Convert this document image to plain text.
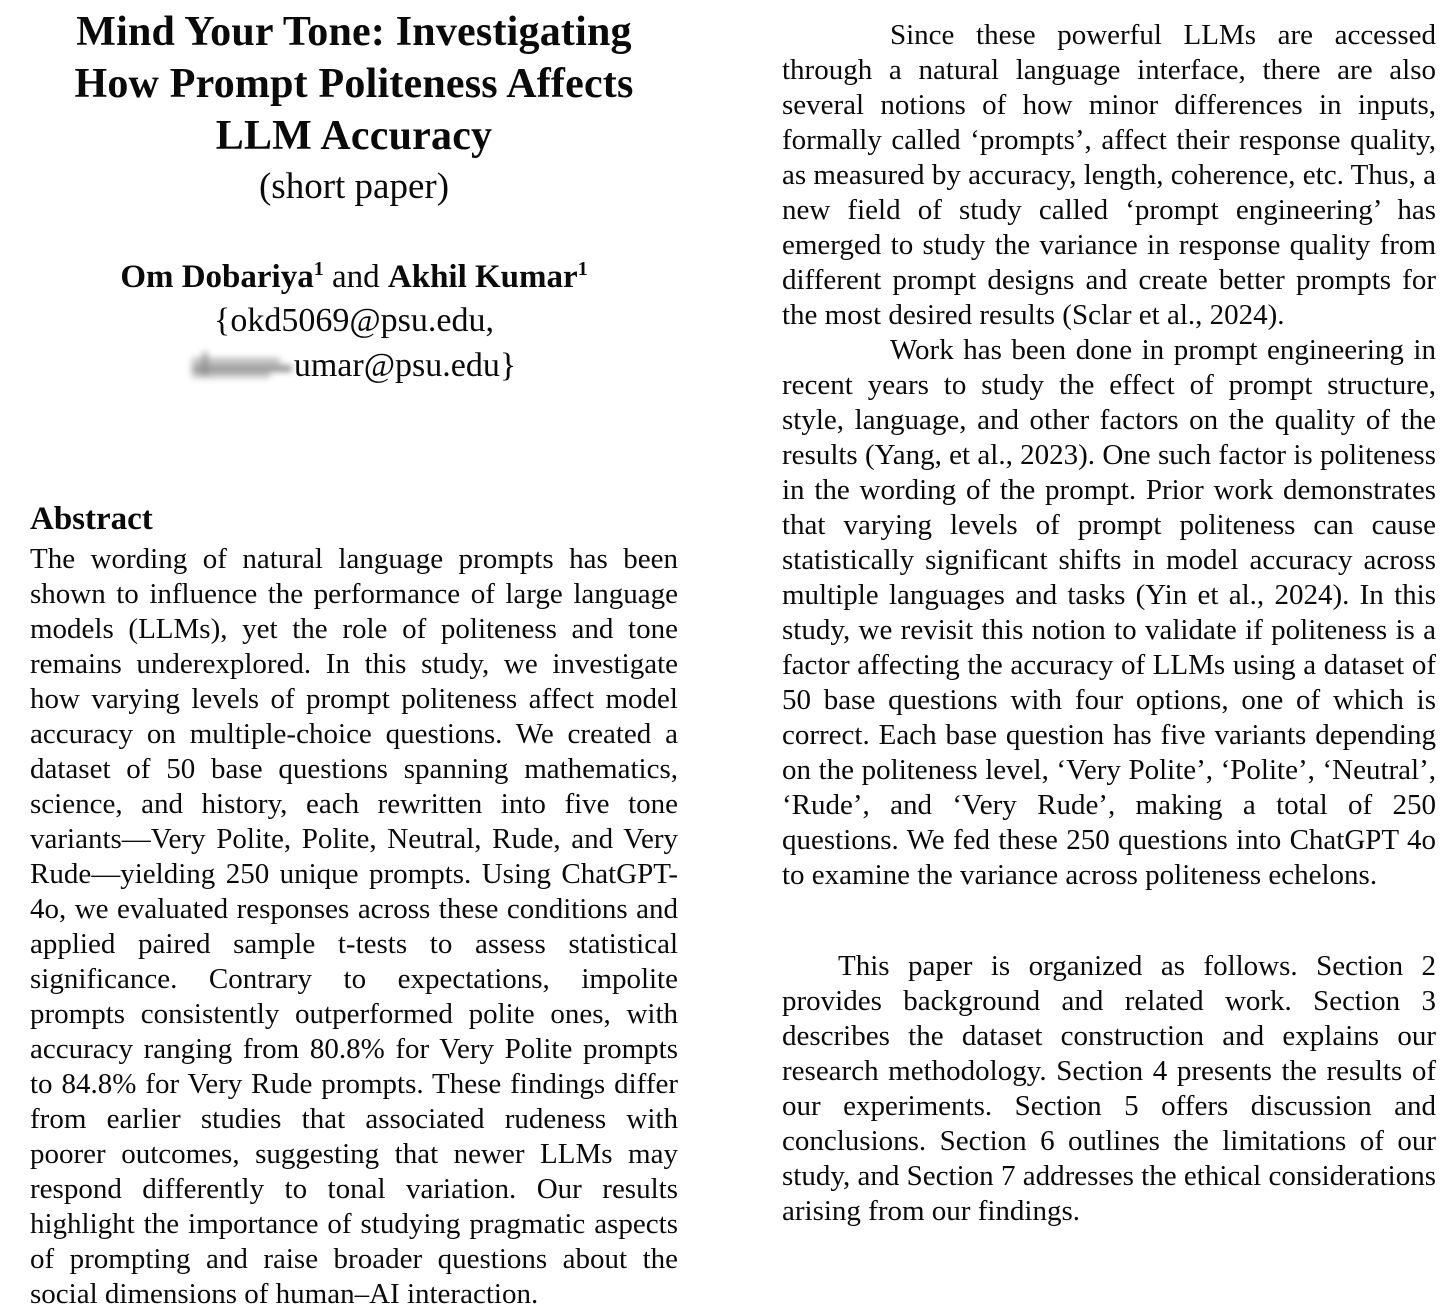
Mind Your Tone: Investigating
How Prompt Politeness Affects
LLM Accuracy
(short paper)
Om Dobariya$^1$ and Akhil Kumar$^1$
{okd5069@psu.edu,
umar@psu.edu}
Abstract

The wording of natural language prompts has been shown to influence the performance of large language models (LLMs), yet the role of politeness and tone remains underexplored. In this study, we investigate how varying levels of prompt politeness affect model accuracy on multiple-choice questions. We created a dataset of 50 base questions spanning mathematics, science, and history, each rewritten into five tone variants—Very Polite, Polite, Neutral, Rude, and Very Rude—yielding 250 unique prompts. Using ChatGPT-4o, we evaluated responses across these conditions and applied paired sample t-tests to assess statistical significance. Contrary to expectations, impolite prompts consistently outperformed polite ones, with accuracy ranging from 80.8% for Very Polite prompts to 84.8% for Very Rude prompts. These findings differ from earlier studies that associated rudeness with poorer outcomes, suggesting that newer LLMs may respond differently to tonal variation. Our results highlight the importance of studying pragmatic aspects of prompting and raise broader questions about the social dimensions of human–AI interaction.

Since these powerful LLMs are accessed through a natural language interface, there are also several notions of how minor differences in inputs, formally called ‘prompts’, affect their response quality, as measured by accuracy, length, coherence, etc. Thus, a new field of study called ‘prompt engineering’ has emerged to study the variance in response quality from different prompt designs and create better prompts for the most desired results (Sclar et al., 2024).

Work has been done in prompt engineering in recent years to study the effect of prompt structure, style, language, and other factors on the quality of the results (Yang, et al., 2023). One such factor is politeness in the wording of the prompt. Prior work demonstrates that varying levels of prompt politeness can cause statistically significant shifts in model accuracy across multiple languages and tasks (Yin et al., 2024). In this study, we revisit this notion to validate if politeness is a factor affecting the accuracy of LLMs using a dataset of 50 base questions with four options, one of which is correct. Each base question has five variants depending on the politeness level, ‘Very Polite’, ‘Polite’, ‘Neutral’, ‘Rude’, and ‘Very Rude’, making a total of 250 questions. We fed these 250 questions into ChatGPT 4o to examine the variance across politeness echelons.

This paper is organized as follows. Section 2 provides background and related work. Section 3 describes the dataset construction and explains our research methodology. Section 4 presents the results of our experiments. Section 5 offers discussion and conclusions. Section 6 outlines the limitations of our study, and Section 7 addresses the ethical considerations arising from our findings.
